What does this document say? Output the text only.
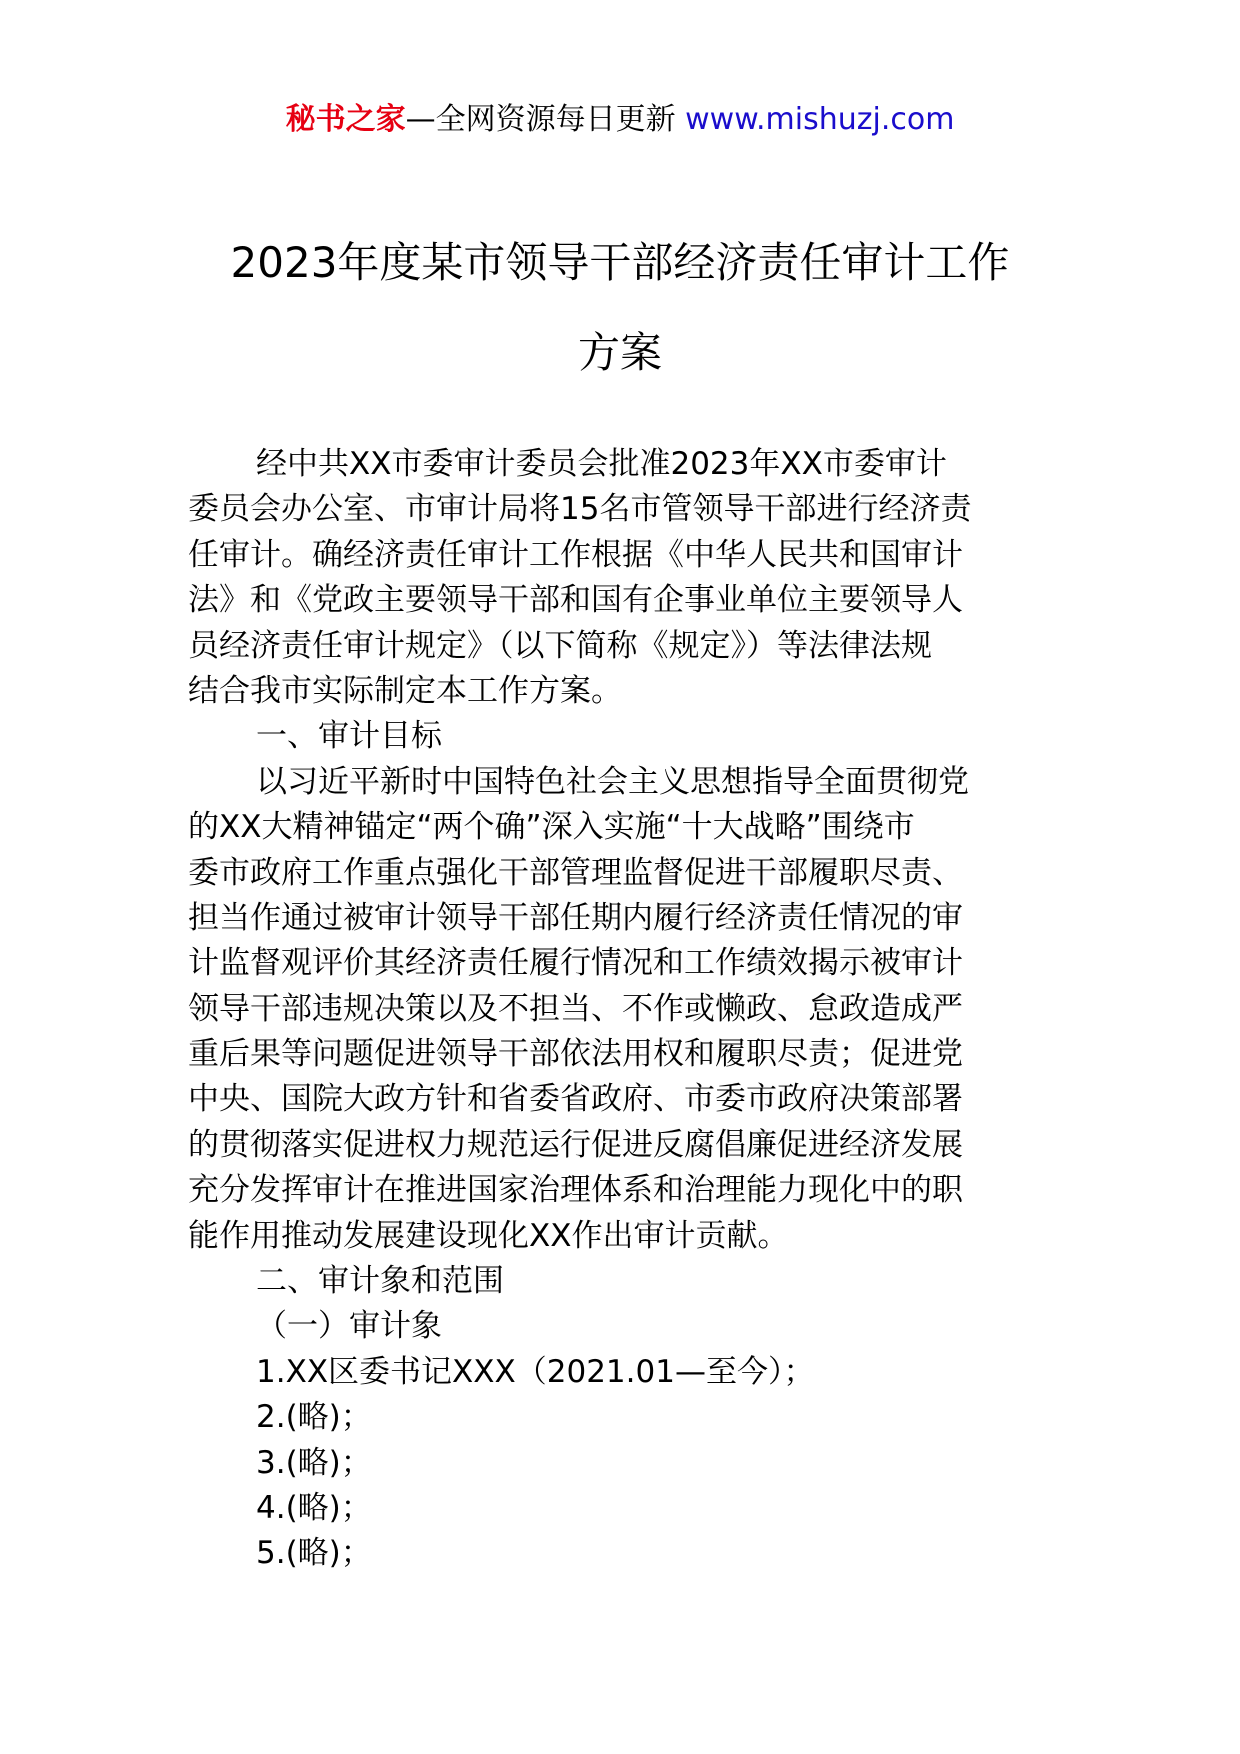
秘书之家—全网资源每日更新 www.mishuzj.com
2023年度某市领导干部经济责任审计工作
方案
经中共XX市委审计委员会批准2023年XX市委审计
委员会办公室、市审计局将15名市管领导干部进行经济责
任审计。确经济责任审计工作根据《中华人民共和国审计
法》和《党政主要领导干部和国有企事业单位主要领导人
员经济责任审计规定》（以下简称《规定》）等法律法规
结合我市实际制定本工作方案。
一、审计目标
以习近平新时中国特色社会主义思想指导全面贯彻党
的XX大精神锚定“两个确”深入实施“十大战略”围绕市
委市政府工作重点强化干部管理监督促进干部履职尽责、
担当作通过被审计领导干部任期内履行经济责任情况的审
计监督观评价其经济责任履行情况和工作绩效揭示被审计
领导干部违规决策以及不担当、不作或懒政、怠政造成严
重后果等问题促进领导干部依法用权和履职尽责；促进党
中央、国院大政方针和省委省政府、市委市政府决策部署
的贯彻落实促进权力规范运行促进反腐倡廉促进经济发展
充分发挥审计在推进国家治理体系和治理能力现化中的职
能作用推动发展建设现化XX作出审计贡献。
二、审计象和范围
（一）审计象
1.XX区委书记XXX（2021.01—至今）；
2.(略)；
3.(略)；
4.(略)；
5.(略)；
